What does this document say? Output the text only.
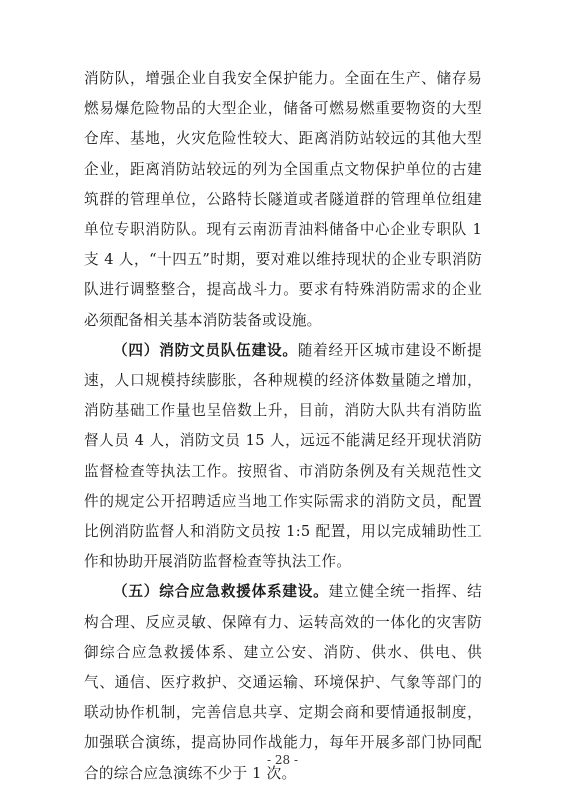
消防队，增强企业自我安全保护能力。全面在生产、储存易燃易爆危险物品的大型企业，储备可燃易燃重要物资的大型仓库、基地，火灾危险性较大、距离消防站较远的其他大型企业，距离消防站较远的列为全国重点文物保护单位的古建筑群的管理单位，公路特长隧道或者隧道群的管理单位组建单位专职消防队。现有云南沥青油料储备中心企业专职队 1 支 4 人，“十四五”时期，要对难以维持现状的企业专职消防队进行调整整合，提高战斗力。要求有特殊消防需求的企业必须配备相关基本消防装备或设施。

（四）消防文员队伍建设。随着经开区城市建设不断提速，人口规模持续膨胀，各种规模的经济体数量随之增加，消防基础工作量也呈倍数上升，目前，消防大队共有消防监督人员 4 人，消防文员 15 人，远远不能满足经开现状消防监督检查等执法工作。按照省、市消防条例及有关规范性文件的规定公开招聘适应当地工作实际需求的消防文员，配置比例消防监督人和消防文员按 1:5 配置，用以完成辅助性工作和协助开展消防监督检查等执法工作。

（五）综合应急救援体系建设。建立健全统一指挥、结构合理、反应灵敏、保障有力、运转高效的一体化的灾害防御综合应急救援体系、建立公安、消防、供水、供电、供气、通信、医疗救护、交通运输、环境保护、气象等部门的联动协作机制，完善信息共享、定期会商和要情通报制度，加强联合演练，提高协同作战能力，每年开展多部门协同配合的综合应急演练不少于 1 次。

- 28 -
